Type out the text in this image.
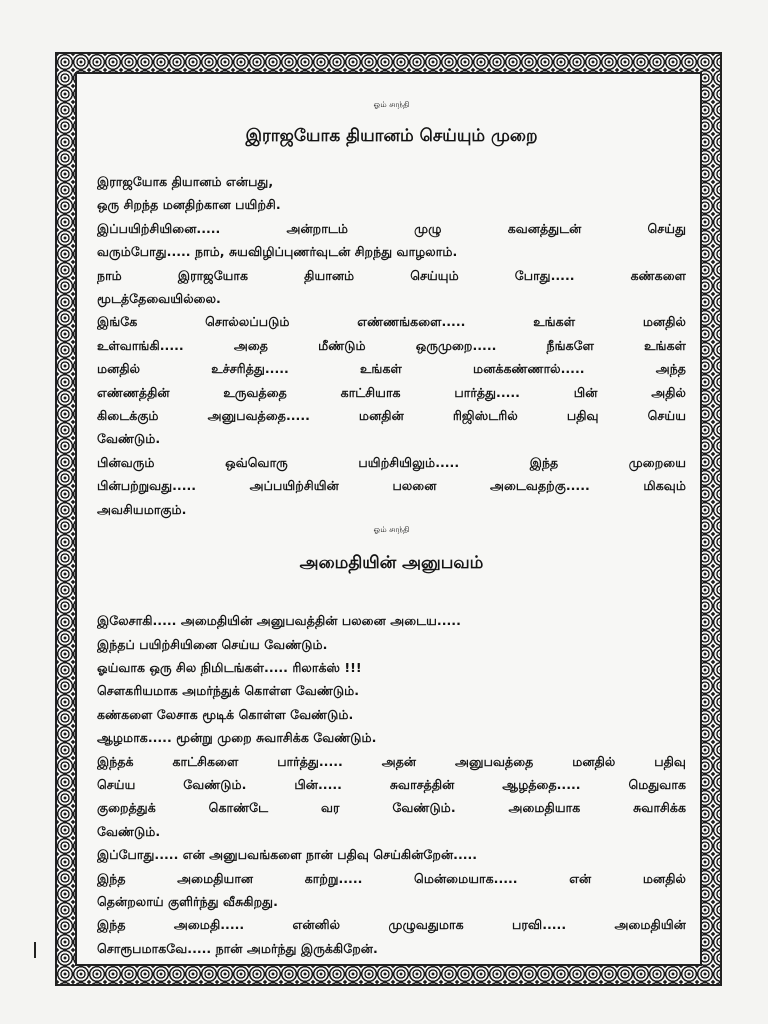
ஓம் சாந்தி
இராஜயோக தியானம் செய்யும் முறை

இராஜயோக தியானம் என்பது,

ஒரு சிறந்த மனதிற்கான பயிற்சி.

இப்பயிற்சியினை..... அன்றாடம் முழு கவனத்துடன் செய்து

வரும்போது..... நாம், சுயவிழிப்புணர்வுடன் சிறந்து வாழலாம்.

நாம் இராஜயோக தியானம் செய்யும் போது..... கண்களை

மூடத்தேவையில்லை.

இங்கே சொல்லப்படும் எண்ணங்களை..... உங்கள் மனதில்

உள்வாங்கி..... அதை மீண்டும் ஒருமுறை..... நீங்களே உங்கள்

மனதில் உச்சரித்து..... உங்கள் மனக்கண்ணால்..... அந்த

எண்ணத்தின் உருவத்தை காட்சியாக பார்த்து..... பின் அதில்

கிடைக்கும் அனுபவத்தை..... மனதின் ரிஜிஸ்டரில் பதிவு செய்ய

வேண்டும்.

பின்வரும் ஒவ்வொரு பயிற்சியிலும்..... இந்த முறையை

பின்பற்றுவது..... அப்பயிற்சியின் பலனை அடைவதற்கு..... மிகவும்

அவசியமாகும்.

ஓம் சாந்தி
அமைதியின் அனுபவம்

இலேசாகி..... அமைதியின் அனுபவத்தின் பலனை அடைய.....

இந்தப் பயிற்சியினை செய்ய வேண்டும்.

ஓய்வாக ஒரு சில நிமிடங்கள்..... ரிலாக்ஸ் !!!

சௌகரியமாக அமர்ந்துக் கொள்ள வேண்டும்.

கண்களை லேசாக மூடிக் கொள்ள வேண்டும்.

ஆழமாக..... மூன்று முறை சுவாசிக்க வேண்டும்.

இந்தக் காட்சிகளை பார்த்து..... அதன் அனுபவத்தை மனதில் பதிவு

செய்ய வேண்டும். பின்..... சுவாசத்தின் ஆழத்தை..... மெதுவாக

குறைத்துக் கொண்டே வர வேண்டும். அமைதியாக சுவாசிக்க

வேண்டும்.

இப்போது..... என் அனுபவங்களை நான் பதிவு செய்கின்றேன்.....

இந்த அமைதியான காற்று..... மென்மையாக..... என் மனதில்

தென்றலாய் குளிர்ந்து வீசுகிறது.

இந்த அமைதி..... என்னில் முழுவதுமாக பரவி..... அமைதியின்

சொரூபமாகவே..... நான் அமர்ந்து இருக்கிறேன்.
